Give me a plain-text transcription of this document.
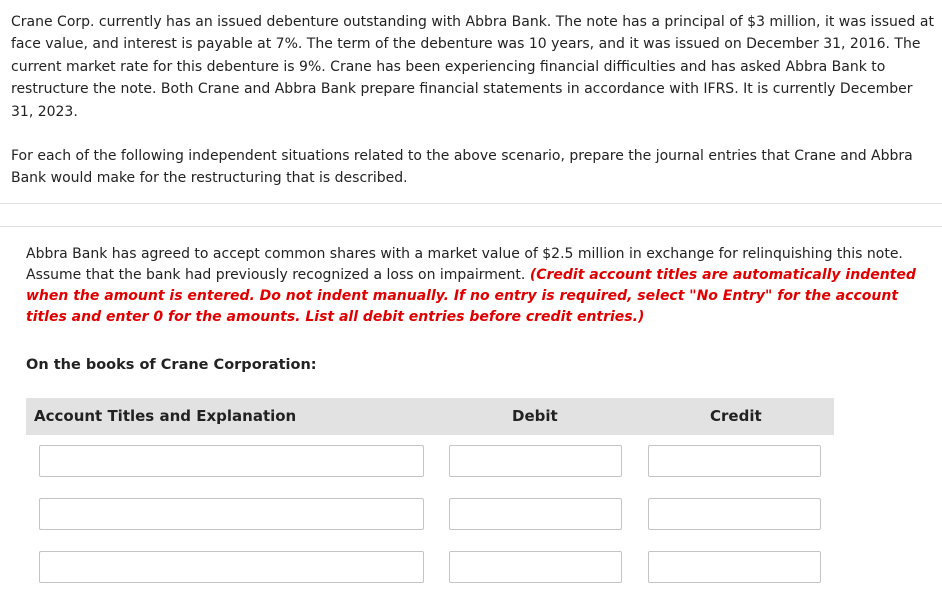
Crane Corp. currently has an issued debenture outstanding with Abbra Bank. The note has a principal of $3 million, it was issued at face value, and interest is payable at 7%. The term of the debenture was 10 years, and it was issued on December 31, 2016. The current market rate for this debenture is 9%. Crane has been experiencing financial difficulties and has asked Abbra Bank to restructure the note. Both Crane and Abbra Bank prepare financial statements in accordance with IFRS. It is currently December 31, 2023.

For each of the following independent situations related to the above scenario, prepare the journal entries that Crane and Abbra Bank would make for the restructuring that is described.

Abbra Bank has agreed to accept common shares with a market value of $2.5 million in exchange for relinquishing this note. Assume that the bank had previously recognized a loss on impairment. (Credit account titles are automatically indented when the amount is entered. Do not indent manually. If no entry is required, select "No Entry" for the account titles and enter 0 for the amounts. List all debit entries before credit entries.)

On the books of Crane Corporation:

Account Titles and Explanation	Debit	Credit
